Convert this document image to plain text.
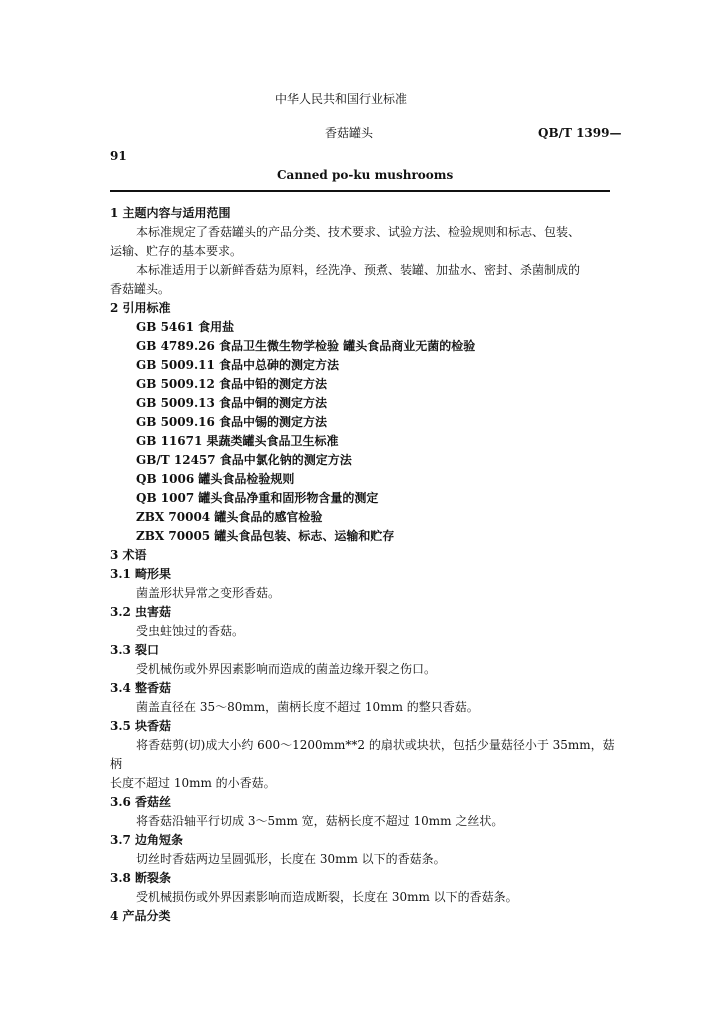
中华人民共和国行业标准
香菇罐头	QB/T 1399—
91
Canned po-ku mushrooms
1 主题内容与适用范围
本标准规定了香菇罐头的产品分类、技术要求、试验方法、检验规则和标志、包装、
运输、贮存的基本要求。
本标准适用于以新鲜香菇为原料，经洗净、预煮、装罐、加盐水、密封、杀菌制成的
香菇罐头。
2 引用标准
GB 5461 食用盐
GB 4789.26 食品卫生微生物学检验 罐头食品商业无菌的检验
GB 5009.11 食品中总砷的测定方法
GB 5009.12 食品中铅的测定方法
GB 5009.13 食品中铜的测定方法
GB 5009.16 食品中锡的测定方法
GB 11671 果蔬类罐头食品卫生标准
GB/T 12457 食品中氯化钠的测定方法
QB 1006 罐头食品检验规则
QB 1007 罐头食品净重和固形物含量的测定
ZBX 70004 罐头食品的感官检验
ZBX 70005 罐头食品包装、标志、运输和贮存
3 术语
3.1 畸形果
菌盖形状异常之变形香菇。
3.2 虫害菇
受虫蛀蚀过的香菇。
3.3 裂口
受机械伤或外界因素影响而造成的菌盖边缘开裂之伤口。
3.4 整香菇
菌盖直径在 35～80mm，菌柄长度不超过 10mm 的整只香菇。
3.5 块香菇
将香菇剪(切)成大小约 600～1200mm**2 的扇状或块状，包括少量菇径小于 35mm，菇
柄
长度不超过 10mm 的小香菇。
3.6 香菇丝
将香菇沿轴平行切成 3～5mm 宽，菇柄长度不超过 10mm 之丝状。
3.7 边角短条
切丝时香菇两边呈圆弧形，长度在 30mm 以下的香菇条。
3.8 断裂条
受机械损伤或外界因素影响而造成断裂，长度在 30mm 以下的香菇条。
4 产品分类
